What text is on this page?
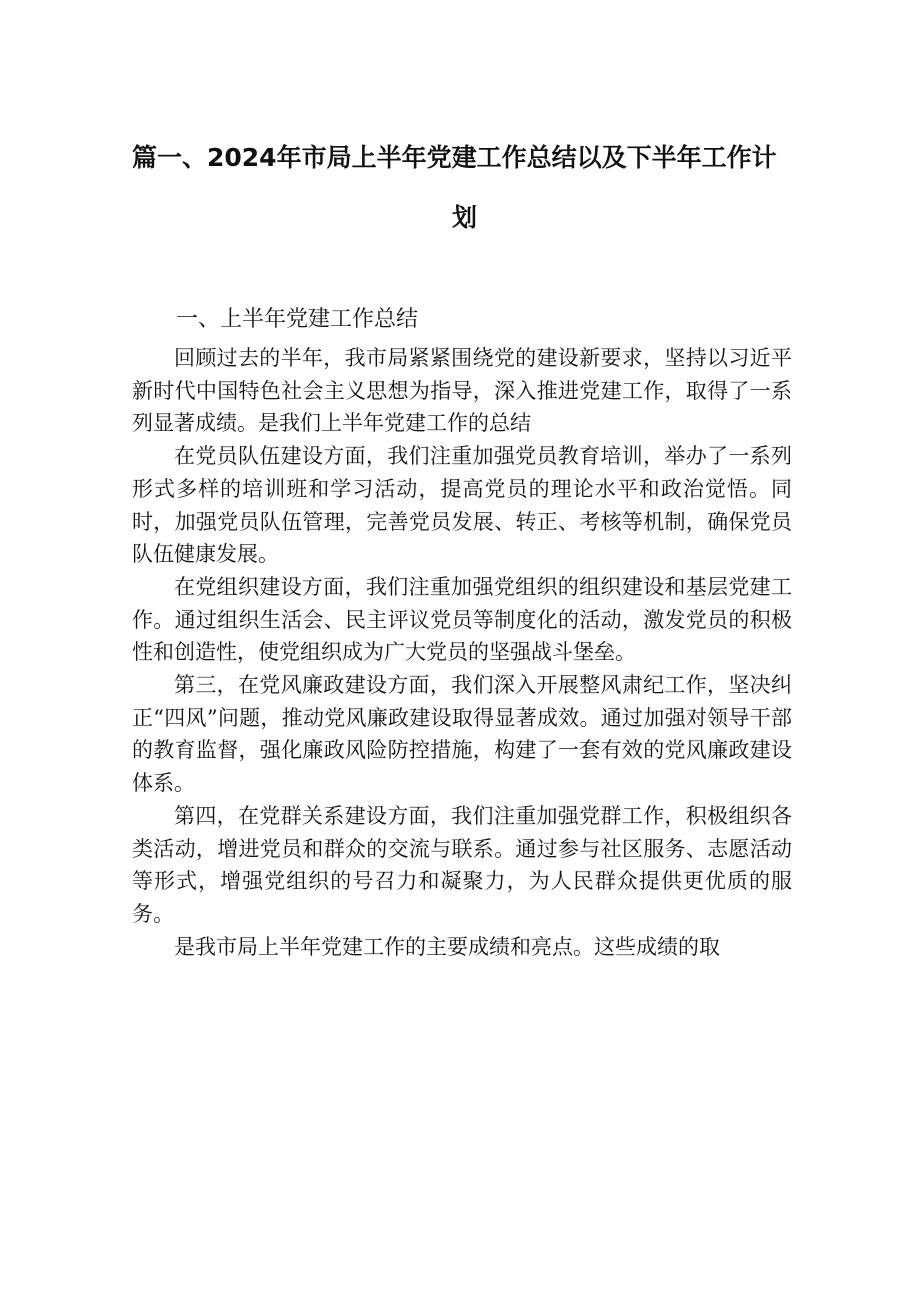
篇一、2024年市局上半年党建工作总结以及下半年工作计
划
一、上半年党建工作总结

回顾过去的半年，我市局紧紧围绕党的建设新要求，坚持以习近平新时代中国特色社会主义思想为指导，深入推进党建工作，取得了一系列显著成绩。是我们上半年党建工作的总结

在党员队伍建设方面，我们注重加强党员教育培训，举办了一系列形式多样的培训班和学习活动，提高党员的理论水平和政治觉悟。同时，加强党员队伍管理，完善党员发展、转正、考核等机制，确保党员队伍健康发展。

在党组织建设方面，我们注重加强党组织的组织建设和基层党建工作。通过组织生活会、民主评议党员等制度化的活动，激发党员的积极性和创造性，使党组织成为广大党员的坚强战斗堡垒。

第三，在党风廉政建设方面，我们深入开展整风肃纪工作，坚决纠正“四风”问题，推动党风廉政建设取得显著成效。通过加强对领导干部的教育监督，强化廉政风险防控措施，构建了一套有效的党风廉政建设体系。

第四，在党群关系建设方面，我们注重加强党群工作，积极组织各类活动，增进党员和群众的交流与联系。通过参与社区服务、志愿活动等形式，增强党组织的号召力和凝聚力，为人民群众提供更优质的服务。

是我市局上半年党建工作的主要成绩和亮点。这些成绩的取
